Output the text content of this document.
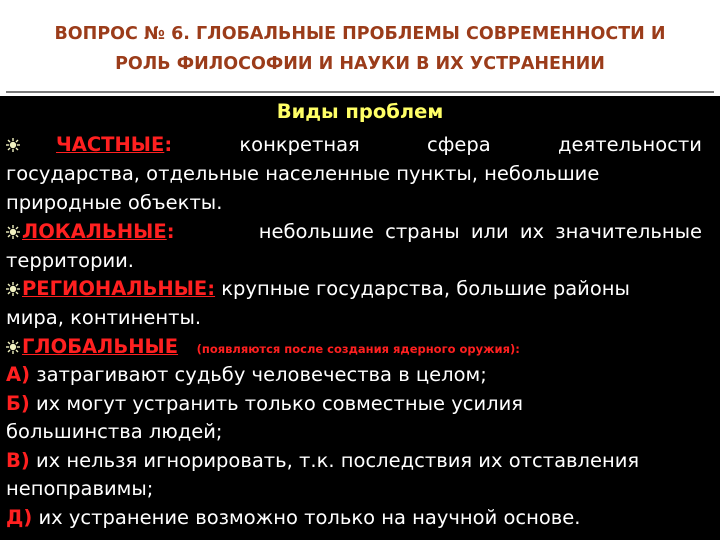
ВОПРОС № 6. ГЛОБАЛЬНЫЕ ПРОБЛЕМЫ СОВРЕМЕННОСТИ И
РОЛЬ ФИЛОСОФИИ И НАУКИ В ИХ УСТРАНЕНИИ
Виды проблем
ЧАСТНЫЕ:	конкретная	сфера	деятельности
государства, отдельные населенные пункты, небольшие
природные объекты.
ЛОКАЛЬНЫЕ:	небольшие страны или их значительные
территории.
РЕГИОНАЛЬНЫЕ: крупные государства, большие районы
мира, континенты.
ГЛОБАЛЬНЫЕ (появляются после создания ядерного оружия):
А) затрагивают судьбу человечества в целом;
Б) их могут устранить только совместные усилия
большинства людей;
В) их нельзя игнорировать, т.к. последствия их отставления
непоправимы;
Д) их устранение возможно только на научной основе.
